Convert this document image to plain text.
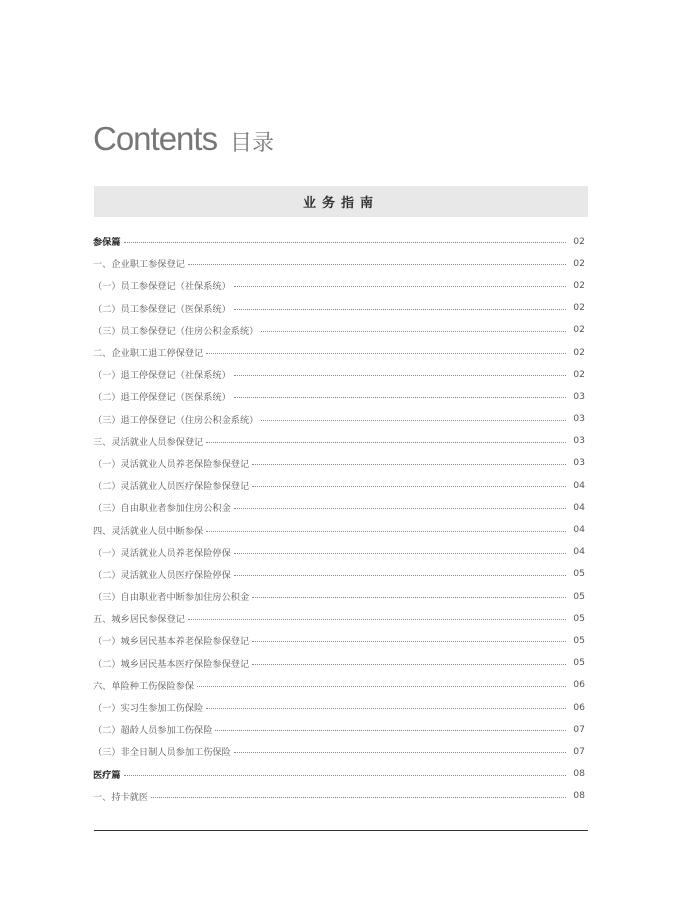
Contents 目录
业务指南
参保篇	02
一、企业职工参保登记	02
（一）员工参保登记（社保系统）	02
（二）员工参保登记（医保系统）	02
（三）员工参保登记（住房公积金系统）	02
二、企业职工退工停保登记	02
（一）退工停保登记（社保系统）	02
（二）退工停保登记（医保系统）	03
（三）退工停保登记（住房公积金系统）	03
三、灵活就业人员参保登记	03
（一）灵活就业人员养老保险参保登记	03
（二）灵活就业人员医疗保险参保登记	04
（三）自由职业者参加住房公积金	04
四、灵活就业人员中断参保	04
（一）灵活就业人员养老保险停保	04
（二）灵活就业人员医疗保险停保	05
（三）自由职业者中断参加住房公积金	05
五、城乡居民参保登记	05
（一）城乡居民基本养老保险参保登记	05
（二）城乡居民基本医疗保险参保登记	05
六、单险种工伤保险参保	06
（一）实习生参加工伤保险	06
（二）超龄人员参加工伤保险	07
（三）非全日制人员参加工伤保险	07
医疗篇	08
一、持卡就医	08
